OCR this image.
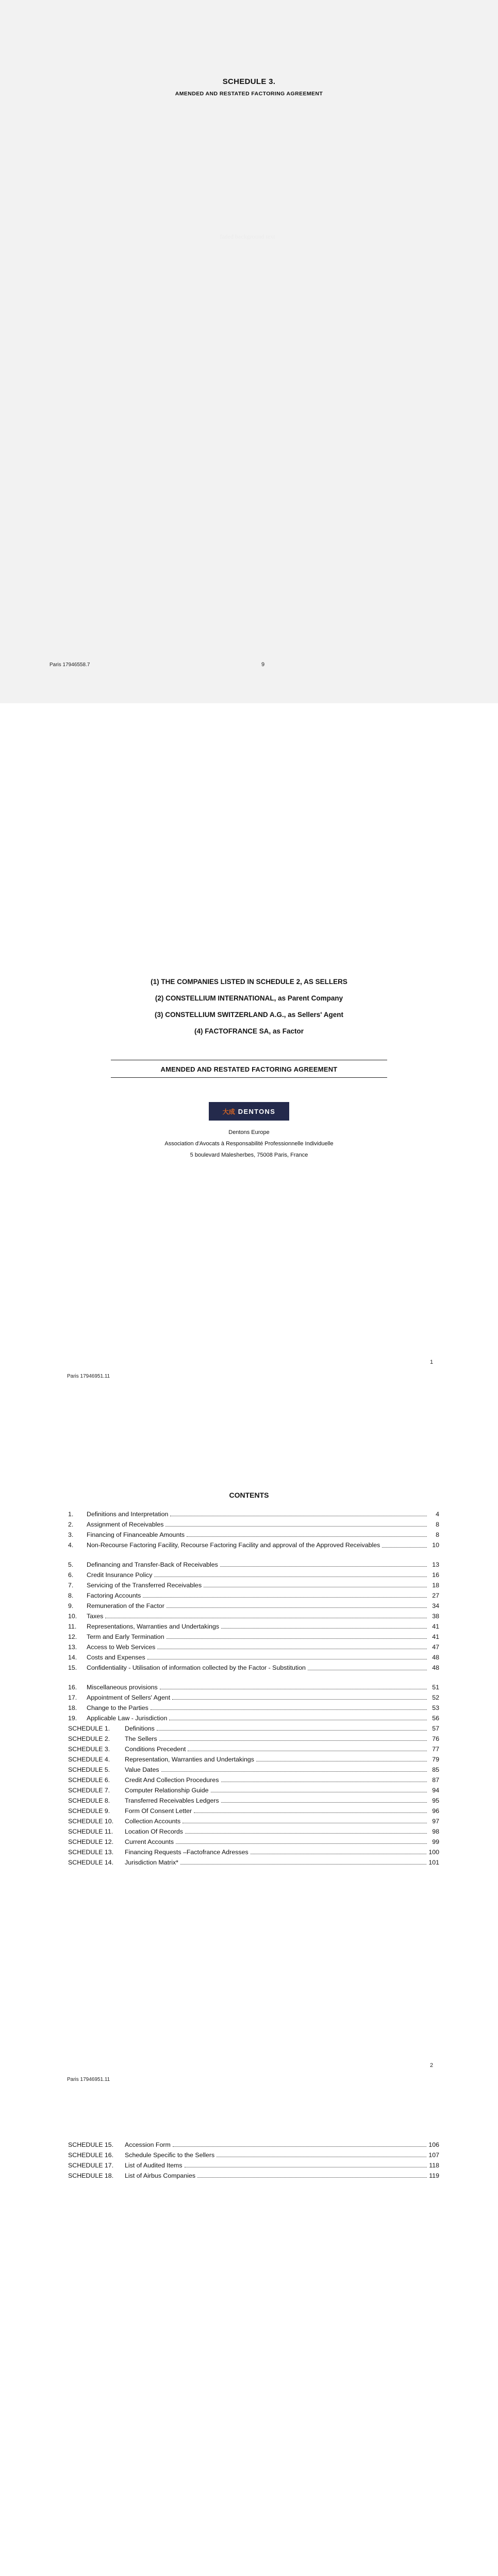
SCHEDULE 3.
AMENDED AND RESTATED FACTORING AGREEMENT
faded background text
Paris 17946558.7	9
(1) THE COMPANIES LISTED IN SCHEDULE 2, AS SELLERS
(2) CONSTELLIUM INTERNATIONAL, as Parent Company
(3) CONSTELLIUM SWITZERLAND A.G., as Sellers' Agent
(4) FACTOFRANCE SA, as Factor
AMENDED AND RESTATED FACTORING AGREEMENT
大成 DENTONS
Dentons Europe
Association d'Avocats à Responsabilité Professionnelle Individuelle
5 boulevard Malesherbes, 75008 Paris, France
1
Paris 17946951.11
CONTENTS
1.	Definitions and Interpretation	4
2.	Assignment of Receivables	8
3.	Financing of Financeable Amounts	8
4.	Non-Recourse Factoring Facility, Recourse Factoring Facility and approval of the Approved Receivables	10
5.	Definancing and Transfer-Back of Receivables	13
6.	Credit Insurance Policy	16
7.	Servicing of the Transferred Receivables	18
8.	Factoring Accounts	27
9.	Remuneration of the Factor	34
10.	Taxes	38
11.	Representations, Warranties and Undertakings	41
12.	Term and Early Termination	41
13.	Access to Web Services	47
14.	Costs and Expenses	48
15.	Confidentiality - Utilisation of information collected by the Factor - Substitution	48
16.	Miscellaneous provisions	51
17.	Appointment of Sellers' Agent	52
18.	Change to the Parties	53
19.	Applicable Law - Jurisdiction	56
SCHEDULE 1.	Definitions	57
SCHEDULE 2.	The Sellers	76
SCHEDULE 3.	Conditions Precedent	77
SCHEDULE 4.	Representation, Warranties and Undertakings	79
SCHEDULE 5.	Value Dates	85
SCHEDULE 6.	Credit And Collection Procedures	87
SCHEDULE 7.	Computer Relationship Guide	94
SCHEDULE 8.	Transferred Receivables Ledgers	95
SCHEDULE 9.	Form Of Consent Letter	96
SCHEDULE 10.	Collection Accounts	97
SCHEDULE 11.	Location Of Records	98
SCHEDULE 12.	Current Accounts	99
SCHEDULE 13.	Financing Requests –Factofrance Adresses	100
SCHEDULE 14.	Jurisdiction Matrix*	101
2
Paris 17946951.11
SCHEDULE 15.	Accession Form	106
SCHEDULE 16.	Schedule Specific to the Sellers	107
SCHEDULE 17.	List of Audited Items	118
SCHEDULE 18.	List of Airbus Companies	119
